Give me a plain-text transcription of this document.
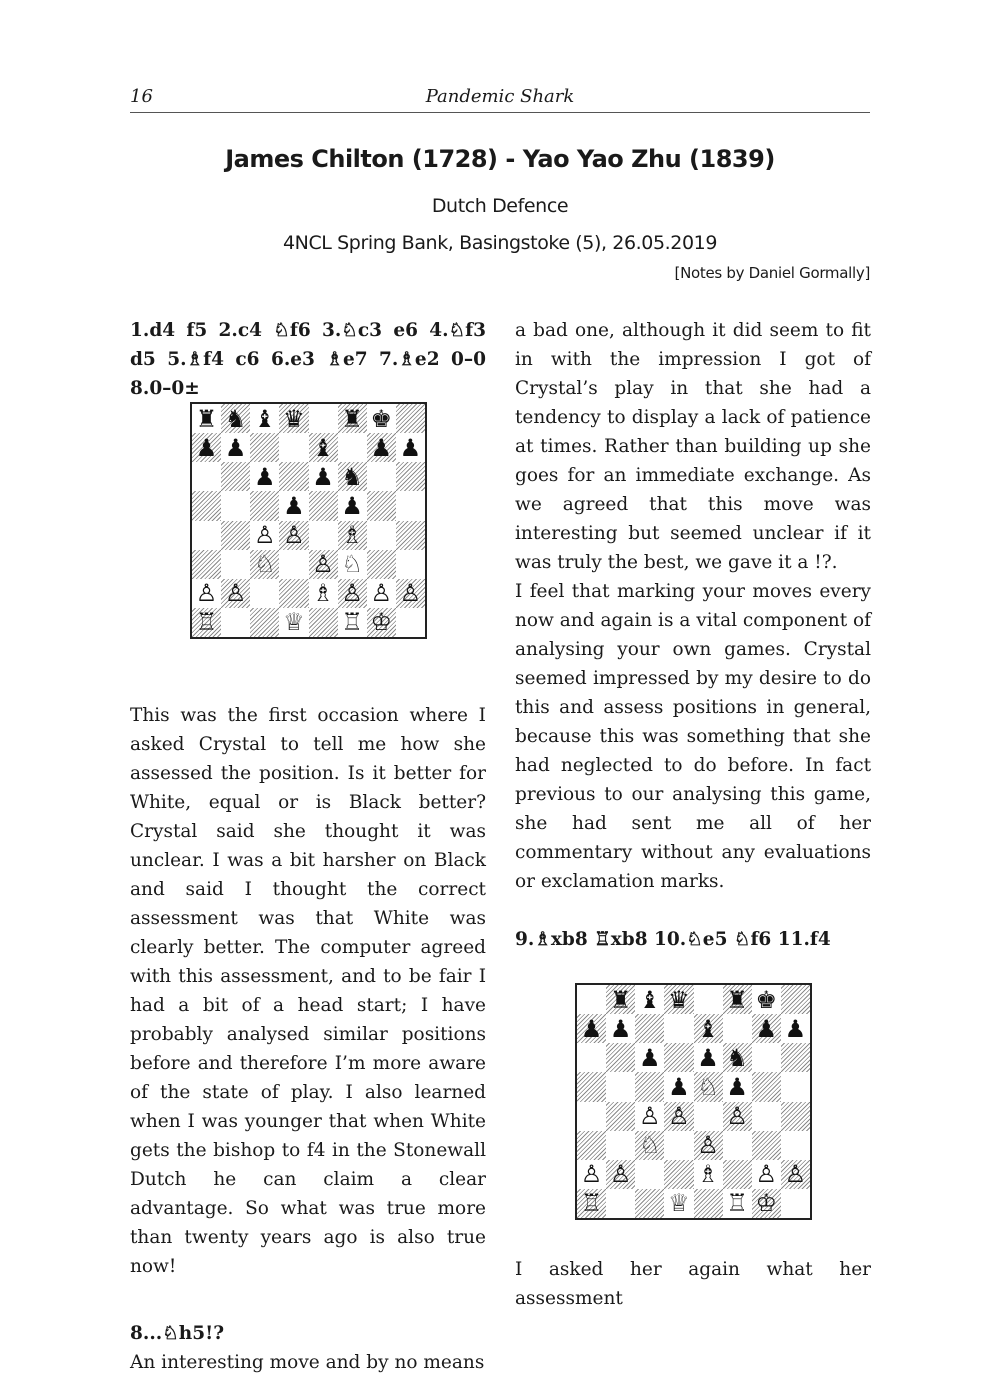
16	Pandemic Shark
James Chilton (1728) - Yao Yao Zhu (1839)
Dutch Defence
4NCL Spring Bank, Basingstoke (5), 26.05.2019
[Notes by Daniel Gormally]

1.d4 f5 2.c4 ♘f6 3.♘c3 e6 4.♘f3 d5 5.♗f4 c6 6.e3 ♗e7 7.♗e2 0–0 8.0–0±

This was the first occasion where I asked Crystal to tell me how she assessed the position. Is it better for White, equal or is Black better? Crystal said she thought it was unclear. I was a bit harsher on Black and said I thought the correct assessment was that White was clearly better. The computer agreed with this assessment, and to be fair I had a bit of a head start; I have probably analysed similar positions before and therefore I’m more aware of the state of play. I also learned when I was younger that when White gets the bishop to f4 in the Stonewall Dutch he can claim a clear advantage. So what was true more than twenty years ago is also true now!

8...♘h5!?

An interesting move and by no means

a bad one, although it did seem to fit in with the impression I got of Crystal’s play in that she had a tendency to display a lack of patience at times. Rather than building up she goes for an immediate exchange. As we agreed that this move was interesting but seemed unclear if it was truly the best, we gave it a !?.

I feel that marking your moves every now and again is a vital component of analysing your own games. Crystal seemed impressed by my desire to do this and assess positions in general, because this was something that she had neglected to do before. In fact previous to our analysing this game, she had sent me all of her commentary without any evaluations or exclamation marks.

9.♗xb8 ♖xb8 10.♘e5 ♘f6 11.f4

I asked her again what her assessment

♜ ♞ ♝ ♛ ♜ ♚
♟ ♟	♝ ♟ ♟
♟ ♟ ♞
♟ ♟
♙ ♙ ♗
♘ ♙ ♘
♙ ♙	♗ ♙ ♙ ♙
♖	♕ ♖ ♔
♜ ♝ ♛ ♜ ♚
♟ ♟	♝ ♟ ♟
♟ ♟ ♞
♟ ♘ ♟
♙ ♙ ♙
♘ ♙
♙ ♙	♗ ♙ ♙
♖	♕ ♖ ♔
